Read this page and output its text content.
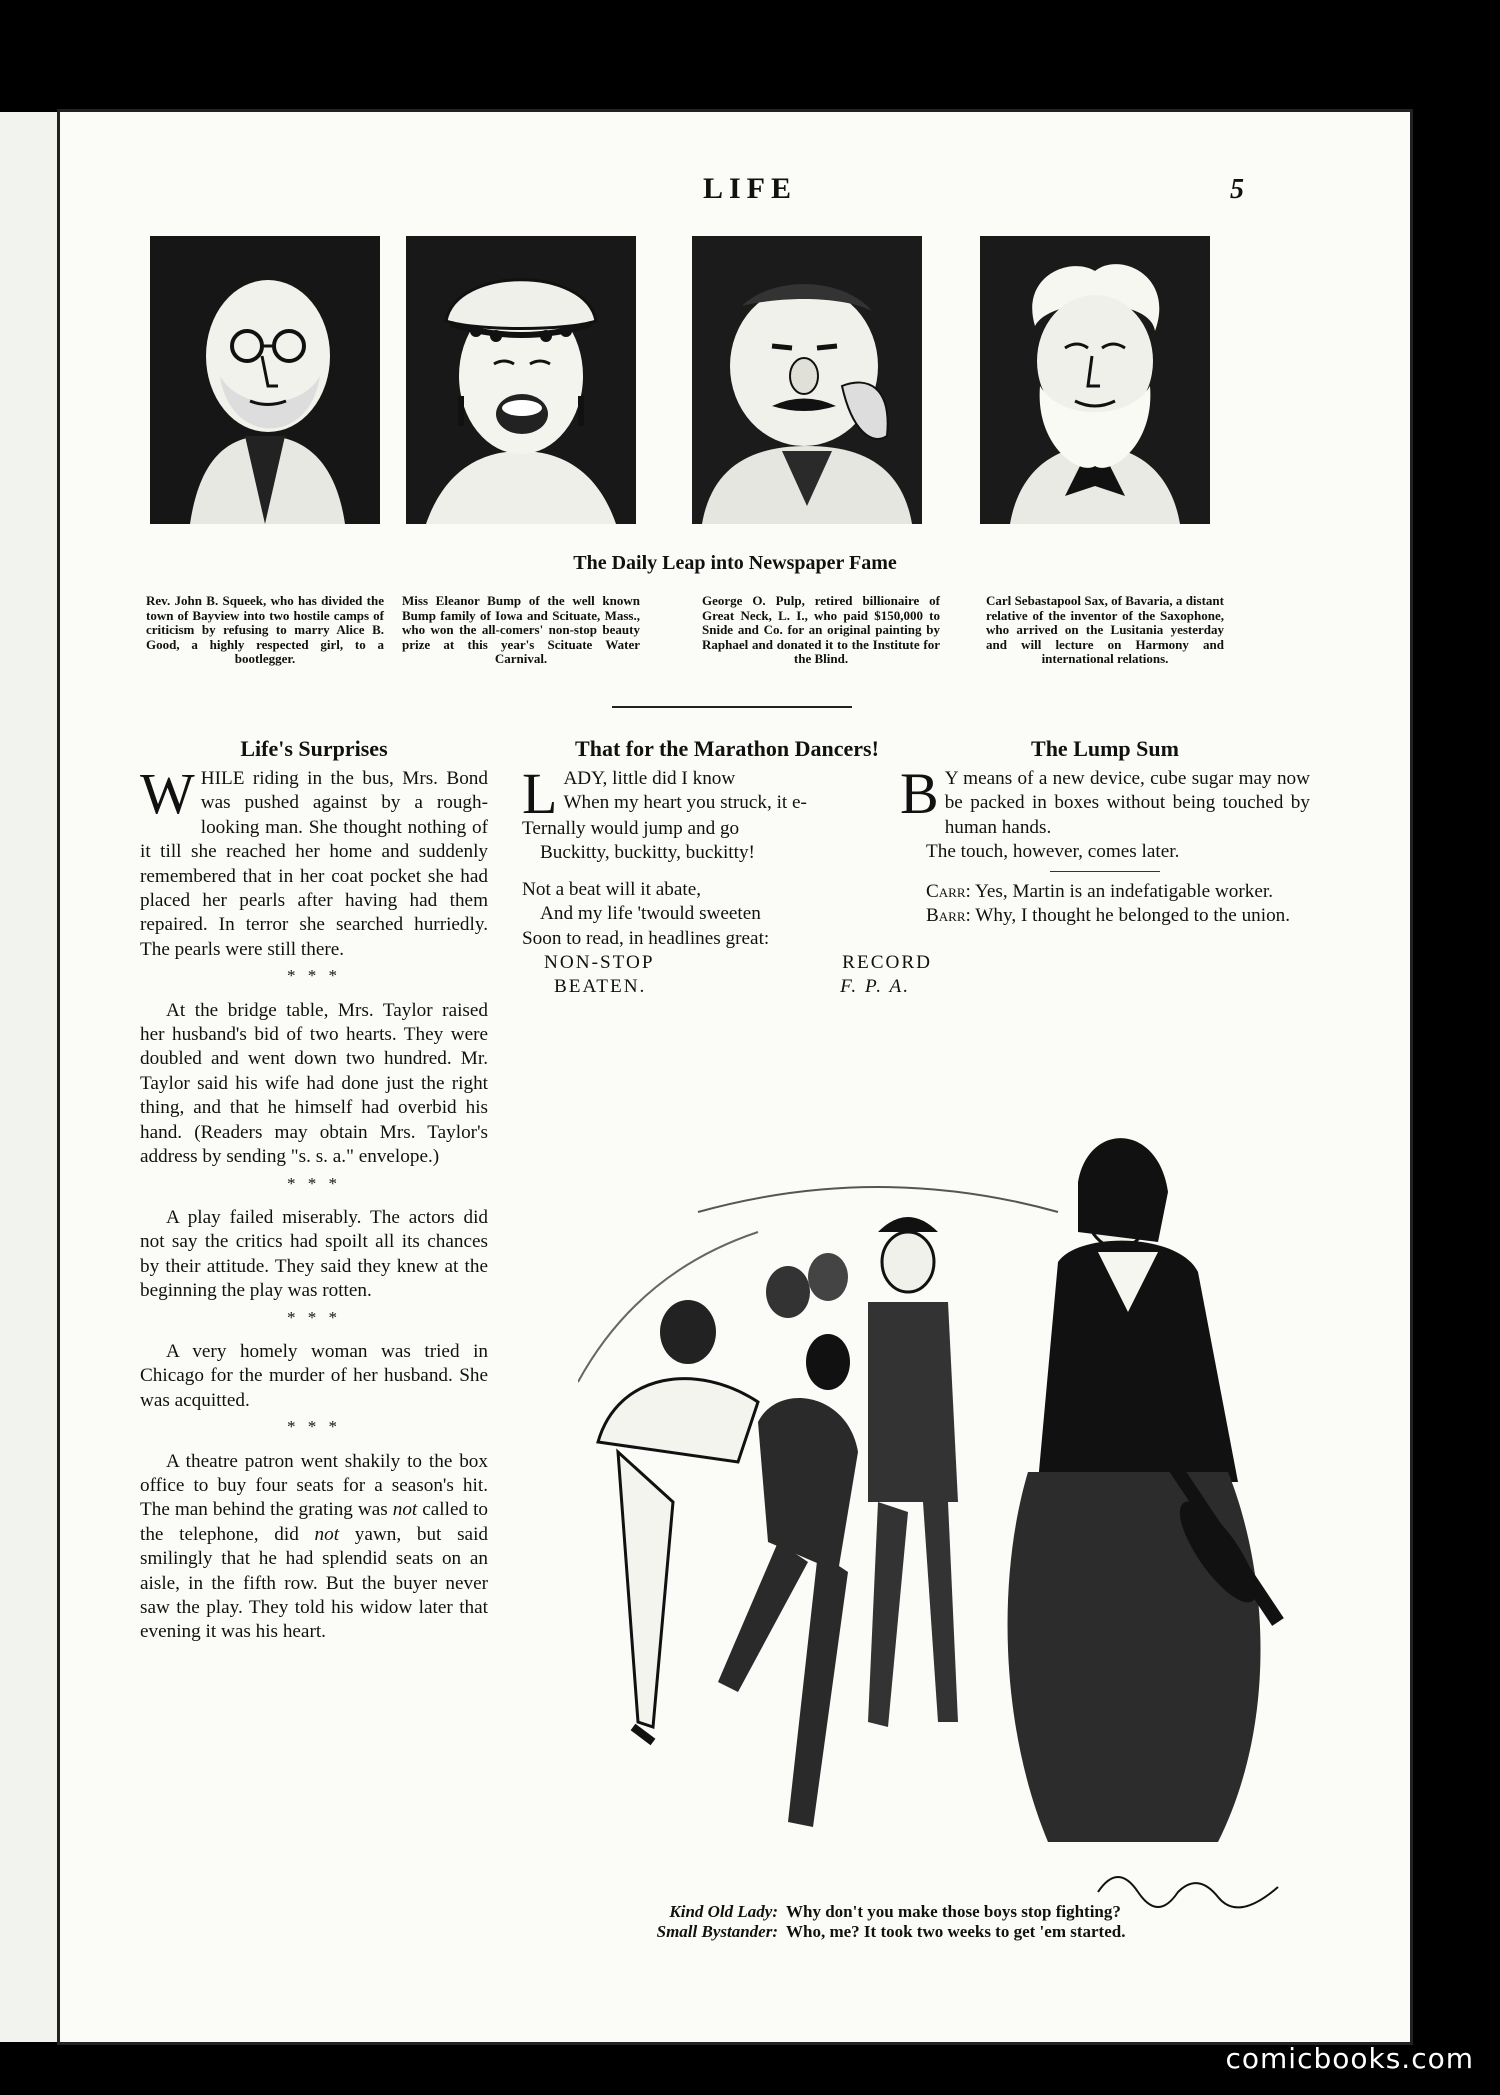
LIFE	5
The Daily Leap into Newspaper Fame
Rev. John B. Squeek, who has divided the town of Bayview into two hostile camps of criticism by refusing to marry Alice B. Good, a highly respected girl, to a bootlegger.
Miss Eleanor Bump of the well known Bump family of Iowa and Scituate, Mass., who won the all-comers' non-stop beauty prize at this year's Scituate Water Carnival.
George O. Pulp, retired billionaire of Great Neck, L. I., who paid $150,000 to Snide and Co. for an original painting by Raphael and donated it to the Institute for the Blind.
Carl Sebastapool Sax, of Bavaria, a distant relative of the inventor of the Saxophone, who arrived on the Lusitania yesterday and will lecture on Harmony and international relations.
Life's Surprises

WHILE riding in the bus, Mrs. Bond was pushed against by a rough-looking man. She thought nothing of it till she reached her home and suddenly remembered that in her coat pocket she had placed her pearls after having had them repaired. In terror she searched hurriedly. The pearls were still there.

* * *

At the bridge table, Mrs. Taylor raised her husband's bid of two hearts. They were doubled and went down two hundred. Mr. Taylor said his wife had done just the right thing, and that he himself had overbid his hand. (Readers may obtain Mrs. Taylor's address by sending "s. s. a." envelope.)

* * *

A play failed miserably. The actors did not say the critics had spoilt all its chances by their attitude. They said they knew at the beginning the play was rotten.

* * *

A very homely woman was tried in Chicago for the murder of her husband. She was acquitted.

* * *

A theatre patron went shakily to the box office to buy four seats for a season's hit. The man behind the grating was not called to the telephone, did not yawn, but said smilingly that he had splendid seats on an aisle, in the fifth row. But the buyer never saw the play. They told his widow later that evening it was his heart.

That for the Marathon Dancers!

LADY, little did I know

When my heart you struck, it e-

Ternally would jump and go

Buckitty, buckitty, buckitty!

Not a beat will it abate,

And my life 'twould sweeten

Soon to read, in headlines great:

NON-STOP	RECORD
BEATEN.	F. P. A.
The Lump Sum

B Y means of a new device, cube sugar may now be packed in boxes without being touched by human hands.

The touch, however, comes later.

Carr: Yes, Martin is an indefatigable worker.

Barr: Why, I thought he belonged to the union.

Kind Old Lady: Why don't you make those boys stop fighting?
Small Bystander: Who, me? It took two weeks to get 'em started.
comicbooks.com
